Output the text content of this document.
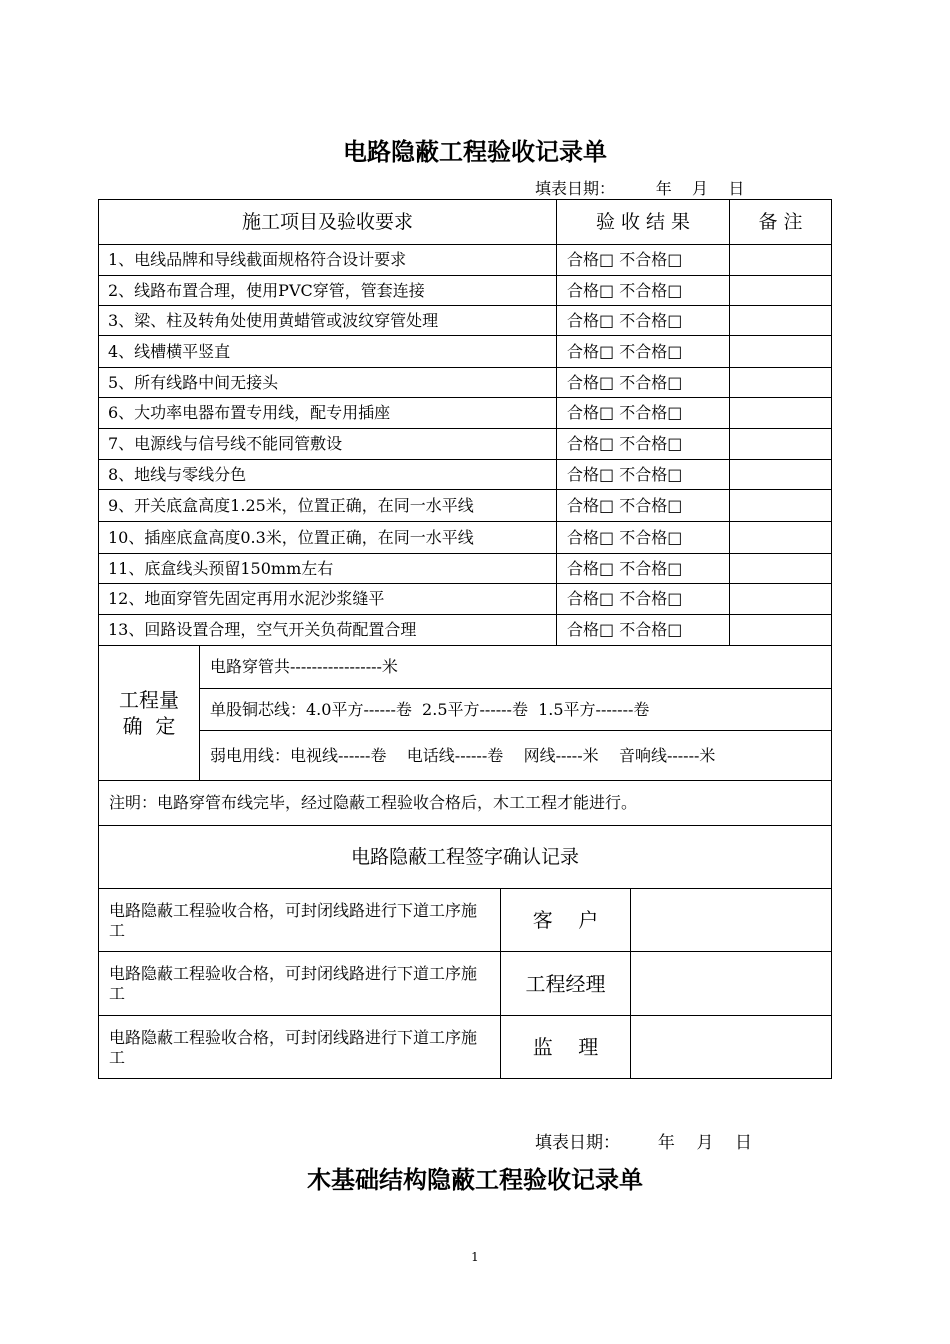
电路隐蔽工程验收记录单
填表日期：        年    月    日
施工项目及验收要求	验 收 结 果	备 注
1、电线品牌和导线截面规格符合设计要求	合格□ 不合格□
2、线路布置合理，使用PVC穿管，管套连接	合格□ 不合格□
3、梁、柱及转角处使用黄蜡管或波纹穿管处理	合格□ 不合格□
4、线槽横平竖直	合格□ 不合格□
5、所有线路中间无接头	合格□ 不合格□
6、大功率电器布置专用线，配专用插座	合格□ 不合格□
7、电源线与信号线不能同管敷设	合格□ 不合格□
8、地线与零线分色	合格□ 不合格□
9、开关底盒高度1.25米，位置正确，在同一水平线	合格□ 不合格□
10、插座底盒高度0.3米，位置正确，在同一水平线	合格□ 不合格□
11、底盒线头预留150mm左右	合格□ 不合格□
12、地面穿管先固定再用水泥沙浆缝平	合格□ 不合格□
13、回路设置合理，空气开关负荷配置合理	合格□ 不合格□
工程量
确  定
电路穿管共-----------------米
单股铜芯线：4.0平方------卷  2.5平方------卷  1.5平方-------卷
弱电用线：电视线------卷    电话线------卷    网线-----米    音响线------米
注明：电路穿管布线完毕，经过隐蔽工程验收合格后，木工工程才能进行。
电路隐蔽工程签字确认记录
电路隐蔽工程验收合格，可封闭线路进行下道工序施工	客    户
电路隐蔽工程验收合格，可封闭线路进行下道工序施工	工程经理
电路隐蔽工程验收合格，可封闭线路进行下道工序施工	监    理
填表日期：       年    月    日
木基础结构隐蔽工程验收记录单
1
